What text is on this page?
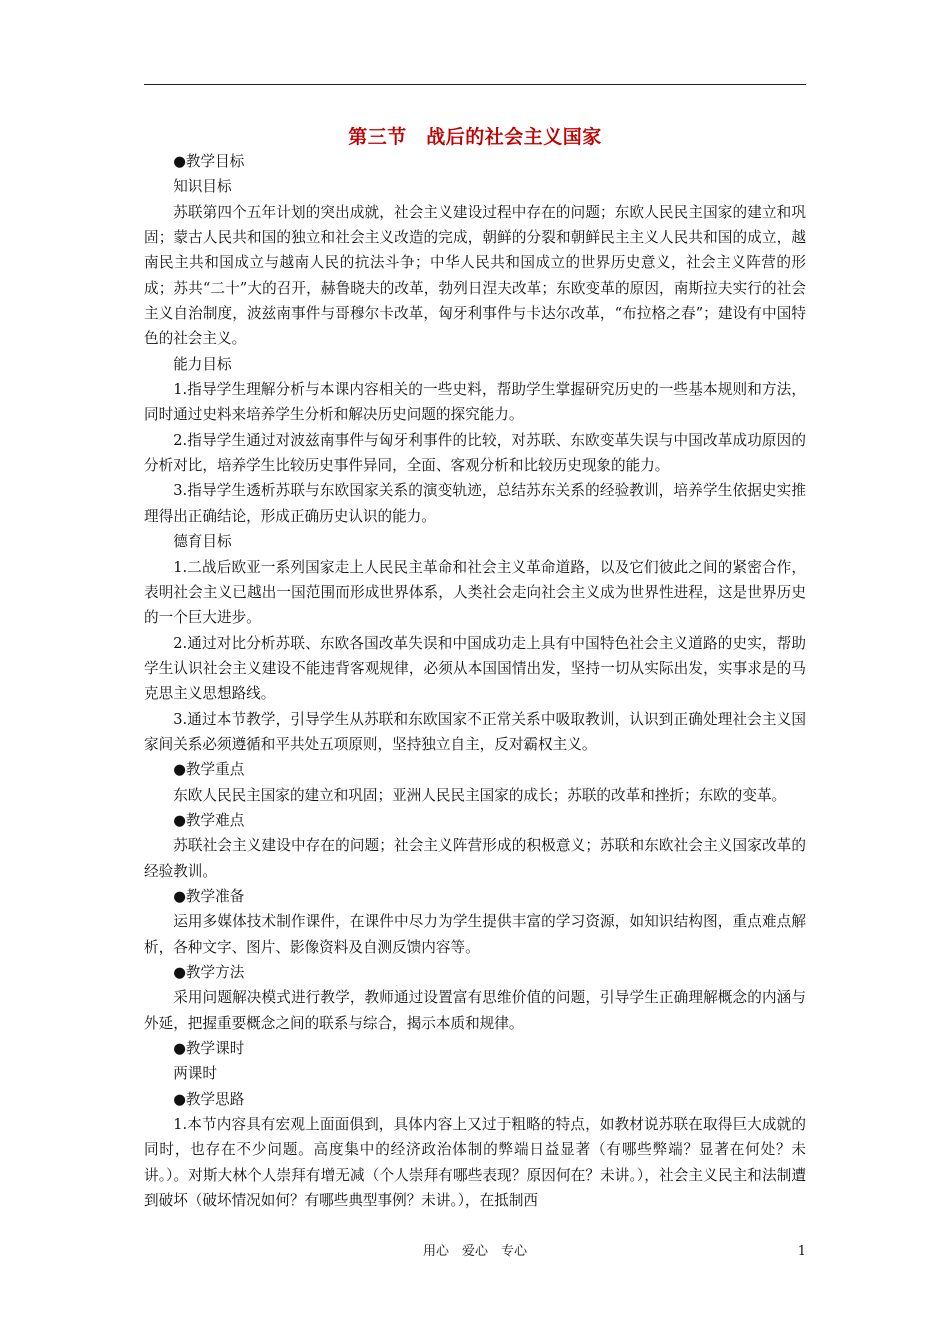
第三节　战后的社会主义国家

●教学目标

知识目标

苏联第四个五年计划的突出成就，社会主义建设过程中存在的问题；东欧人民民主国家的建立和巩固；蒙古人民共和国的独立和社会主义改造的完成，朝鲜的分裂和朝鲜民主主义人民共和国的成立，越南民主共和国成立与越南人民的抗法斗争；中华人民共和国成立的世界历史意义，社会主义阵营的形成；苏共“二十”大的召开，赫鲁晓夫的改革，勃列日涅夫改革；东欧变革的原因，南斯拉夫实行的社会主义自治制度，波兹南事件与哥穆尔卡改革，匈牙利事件与卡达尔改革，“布拉格之春”；建设有中国特色的社会主义。

能力目标

1.指导学生理解分析与本课内容相关的一些史料，帮助学生掌握研究历史的一些基本规则和方法，同时通过史料来培养学生分析和解决历史问题的探究能力。

2.指导学生通过对波兹南事件与匈牙利事件的比较，对苏联、东欧变革失误与中国改革成功原因的分析对比，培养学生比较历史事件异同，全面、客观分析和比较历史现象的能力。

3.指导学生透析苏联与东欧国家关系的演变轨迹，总结苏东关系的经验教训，培养学生依据史实推理得出正确结论，形成正确历史认识的能力。

德育目标

1.二战后欧亚一系列国家走上人民民主革命和社会主义革命道路，以及它们彼此之间的紧密合作，表明社会主义已越出一国范围而形成世界体系，人类社会走向社会主义成为世界性进程，这是世界历史的一个巨大进步。

2.通过对比分析苏联、东欧各国改革失误和中国成功走上具有中国特色社会主义道路的史实，帮助学生认识社会主义建设不能违背客观规律，必须从本国国情出发，坚持一切从实际出发，实事求是的马克思主义思想路线。

3.通过本节教学，引导学生从苏联和东欧国家不正常关系中吸取教训，认识到正确处理社会主义国家间关系必须遵循和平共处五项原则，坚持独立自主，反对霸权主义。

●教学重点

东欧人民民主国家的建立和巩固；亚洲人民民主国家的成长；苏联的改革和挫折；东欧的变革。

●教学难点

苏联社会主义建设中存在的问题；社会主义阵营形成的积极意义；苏联和东欧社会主义国家改革的经验教训。

●教学准备

运用多媒体技术制作课件，在课件中尽力为学生提供丰富的学习资源，如知识结构图，重点难点解析，各种文字、图片、影像资料及自测反馈内容等。

●教学方法

采用问题解决模式进行教学，教师通过设置富有思维价值的问题，引导学生正确理解概念的内涵与外延，把握重要概念之间的联系与综合，揭示本质和规律。

●教学课时

两课时

●教学思路

1.本节内容具有宏观上面面俱到，具体内容上又过于粗略的特点，如教材说苏联在取得巨大成就的同时，也存在不少问题。高度集中的经济政治体制的弊端日益显著（有哪些弊端？显著在何处？未讲。）。对斯大林个人崇拜有增无减（个人崇拜有哪些表现？原因何在？未讲。），社会主义民主和法制遭到破坏（破坏情况如何？有哪些典型事例？未讲。），在抵制西

用心　爱心　专心	1
